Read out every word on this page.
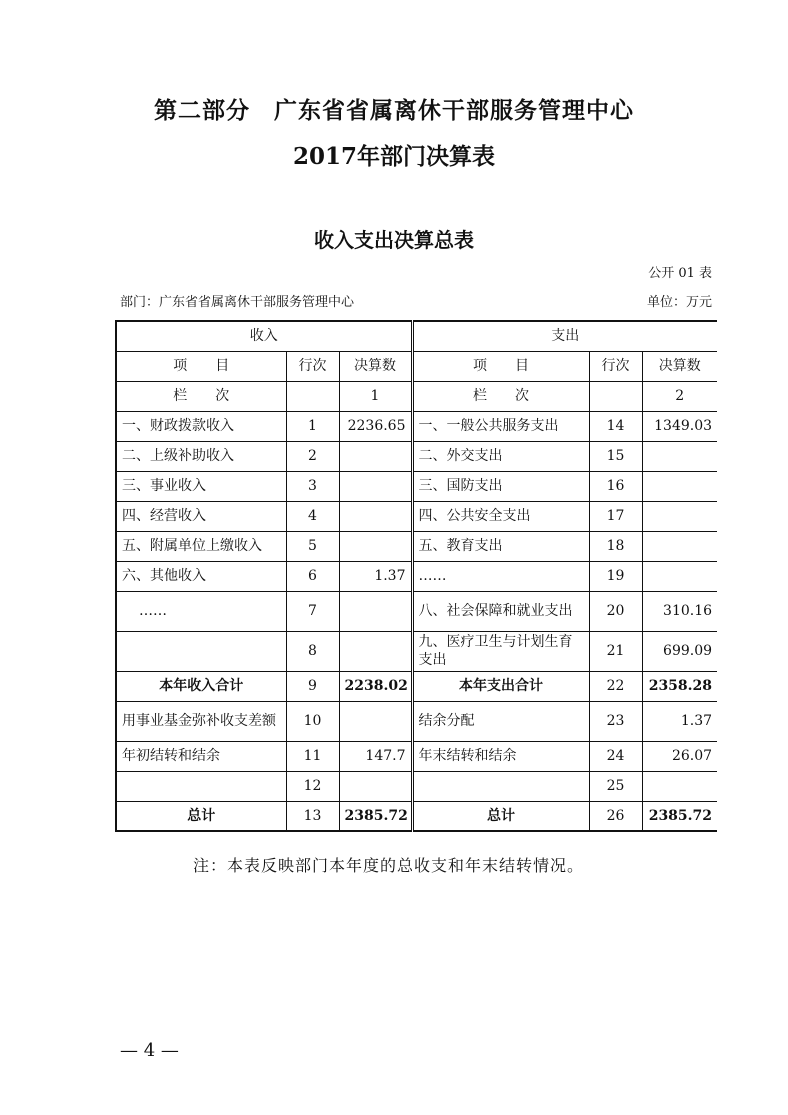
第二部分　广东省省属离休干部服务管理中心
2017年部门决算表
收入支出决算总表
公开 01 表
部门：广东省省属离休干部服务管理中心	单位：万元
收入			支出		
项　　目	行次	决算数	项　　目	行次	决算数
栏　　次		1	栏　　次		2
一、财政拨款收入	1	2236.65	一、一般公共服务支出	14	1349.03
二、上级补助收入	2		二、外交支出	15	
三、事业收入	3		三、国防支出	16	
四、经营收入	4		四、公共安全支出	17	
五、附属单位上缴收入	5		五、教育支出	18	
六、其他收入	6	1.37	……	19	
……	7		八、社会保障和就业支出	20	310.16
	8		九、医疗卫生与计划生育支出	21	699.09
本年收入合计	9	2238.02	本年支出合计	22	2358.28
用事业基金弥补收支差额	10		结余分配	23	1.37
年初结转和结余	11	147.7	年末结转和结余	24	26.07
	12			25	
总计	13	2385.72	总计	26	2385.72
注：本表反映部门本年度的总收支和年末结转情况。
— 4 —
